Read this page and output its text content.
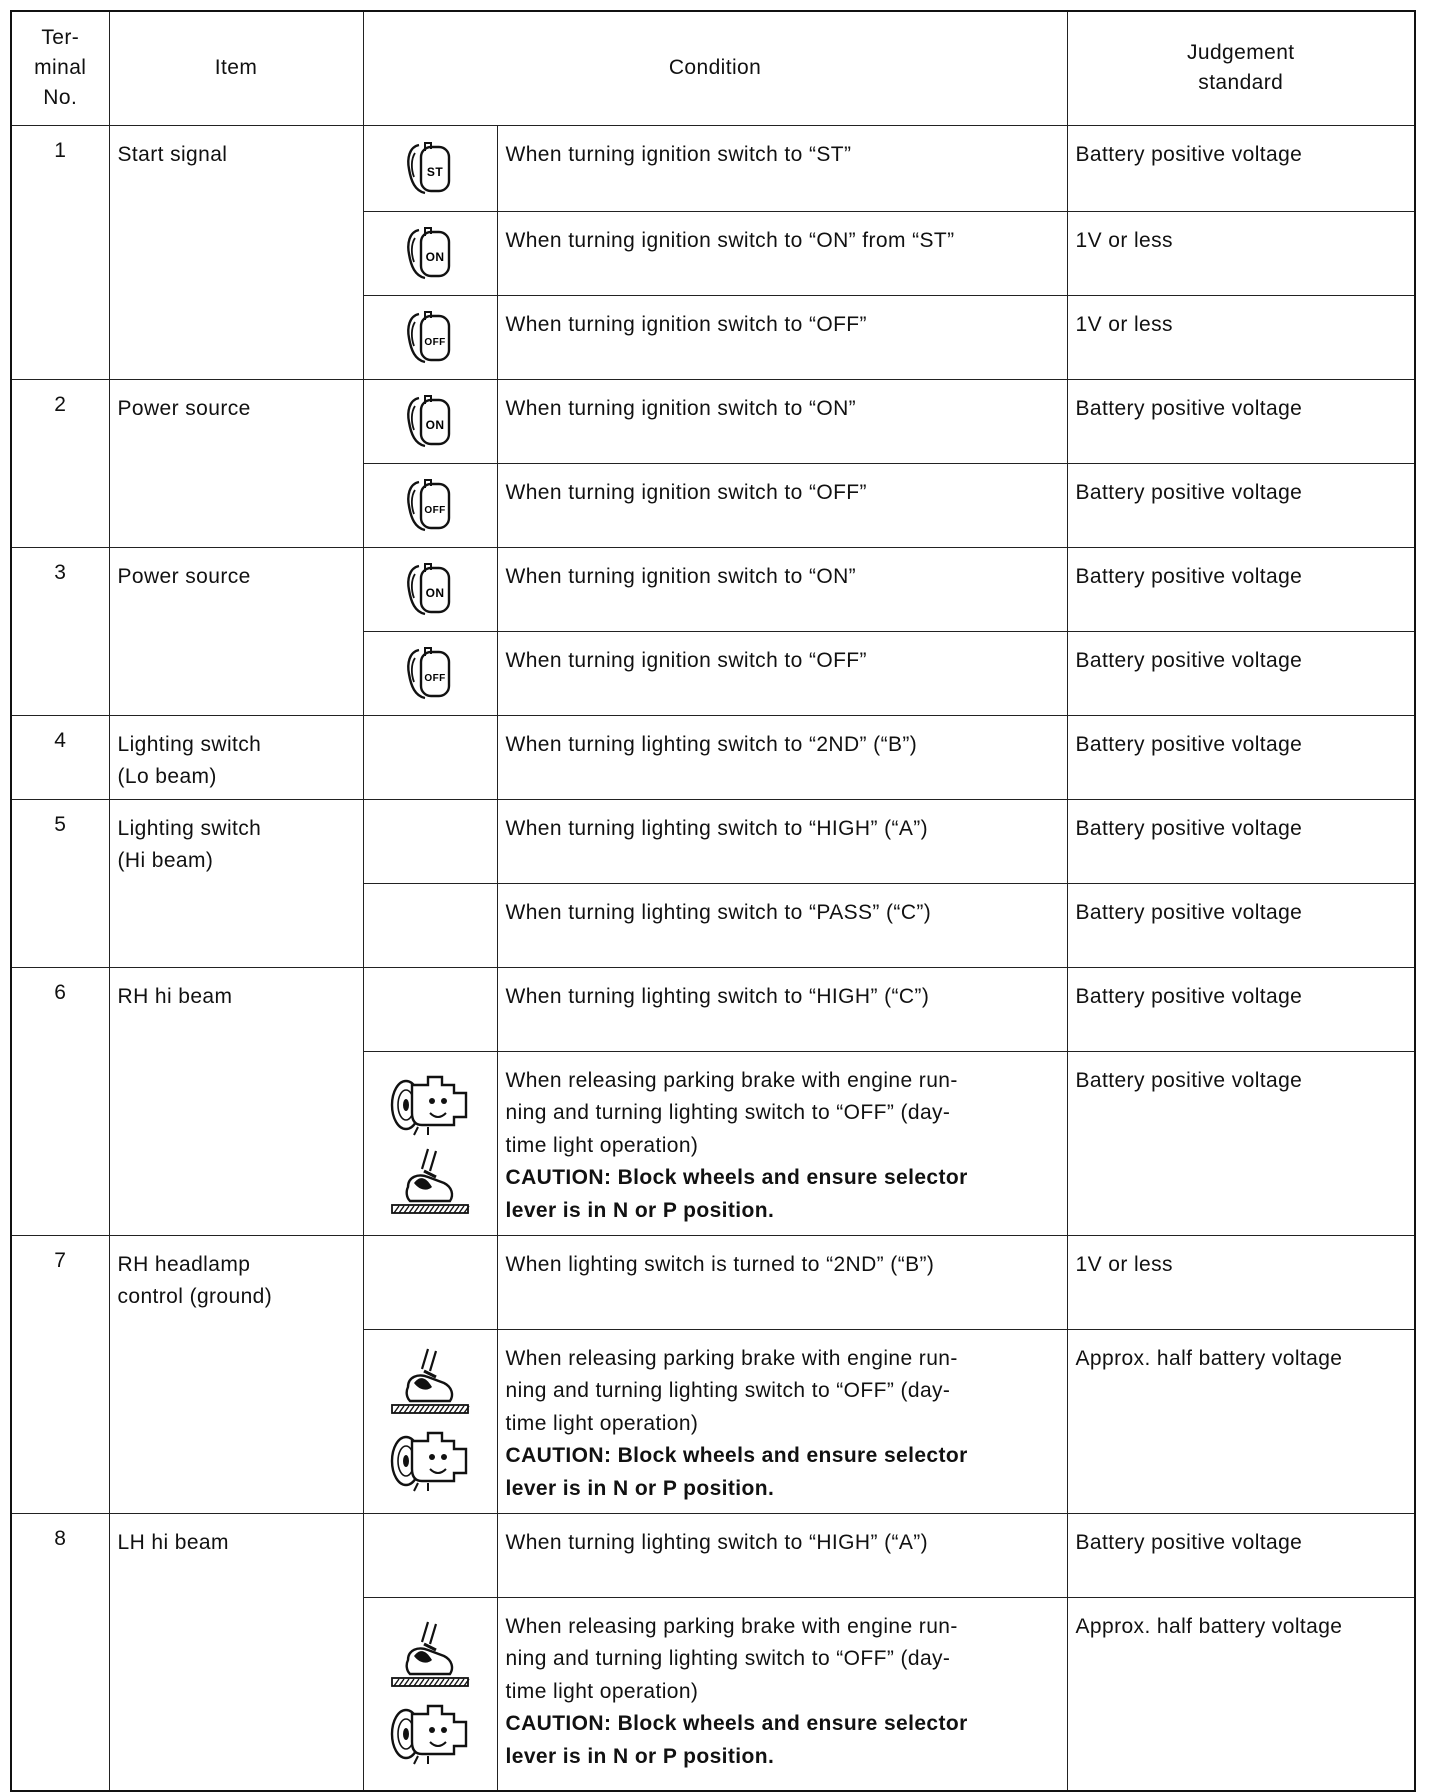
Ter-
minal
No.	Item	Condition		Judgement
standard
1	Start signal	ST	When turning ignition switch to “ST”	Battery positive voltage

ON	When turning ignition switch to “ON” from “ST”	1V or less

OFF	When turning ignition switch to “OFF”	1V or less
2	Power source	ON	When turning ignition switch to “ON”	Battery positive voltage

OFF	When turning ignition switch to “OFF”	Battery positive voltage
3	Power source	ON	When turning ignition switch to “ON”	Battery positive voltage

OFF	When turning ignition switch to “OFF”	Battery positive voltage
4	Lighting switch
(Lo beam)		When turning lighting switch to “2ND” (“B”)	Battery positive voltage
5	Lighting switch
(Hi beam)		When turning lighting switch to “HIGH” (“A”)	Battery positive voltage

			When turning lighting switch to “PASS” (“C”)	Battery positive voltage
6	RH hi beam		When turning lighting switch to “HIGH” (“C”)	Battery positive voltage

When releasing parking brake with engine run-
ning and turning lighting switch to “OFF” (day-
time light operation)
CAUTION: Block wheels and ensure selector
lever is in N or P position.	Battery positive voltage
7	RH headlamp
control (ground)		When lighting switch is turned to “2ND” (“B”)	1V or less

When releasing parking brake with engine run-
ning and turning lighting switch to “OFF” (day-
time light operation)
CAUTION: Block wheels and ensure selector
lever is in N or P position.	Approx. half battery voltage
8	LH hi beam		When turning lighting switch to “HIGH” (“A”)	Battery positive voltage

When releasing parking brake with engine run-
ning and turning lighting switch to “OFF” (day-
time light operation)
CAUTION: Block wheels and ensure selector
lever is in N or P position.	Approx. half battery voltage
